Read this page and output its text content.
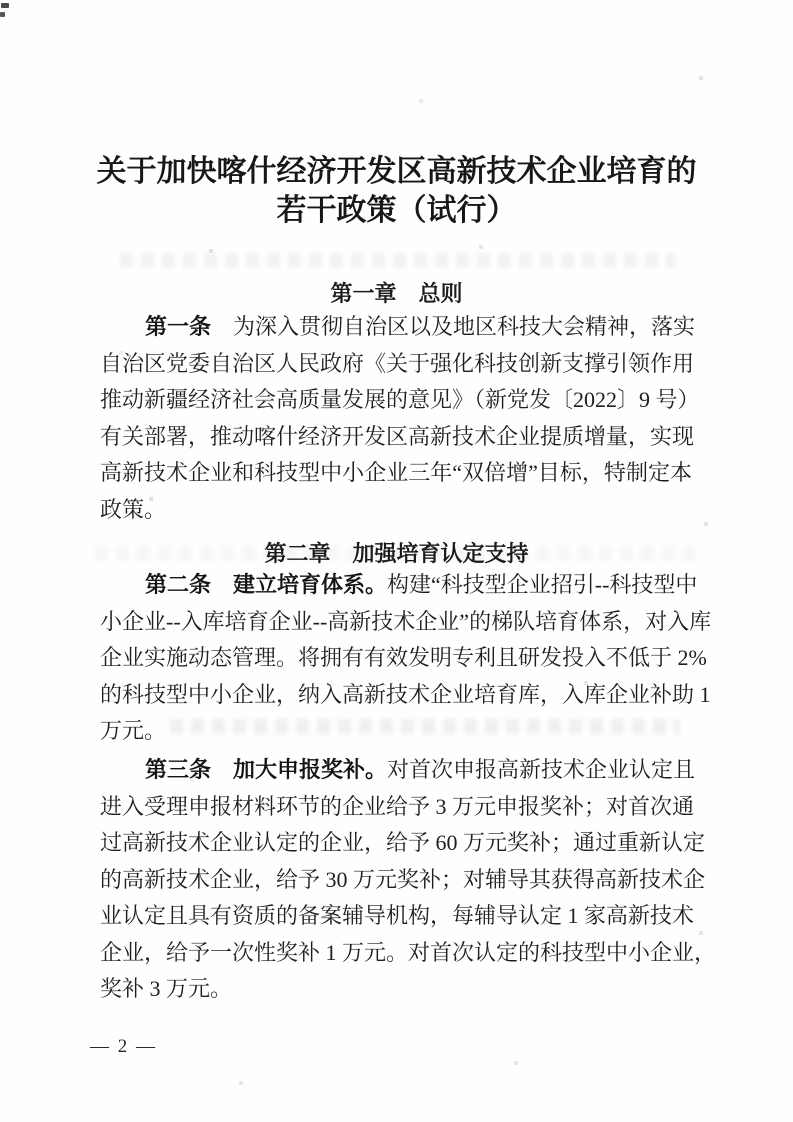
关于加快喀什经济开发区高新技术企业培育的
若干政策（试行）
第一章　总则
第一条　为深入贯彻自治区以及地区科技大会精神，落实
自治区党委自治区人民政府《关于强化科技创新支撑引领作用
推动新疆经济社会高质量发展的意见》（新党发〔2022〕9 号）
有关部署，推动喀什经济开发区高新技术企业提质增量，实现
高新技术企业和科技型中小企业三年“双倍增”目标，特制定本
政策。
第二章　加强培育认定支持
第二条　建立培育体系。构建“科技型企业招引--科技型中
小企业--入库培育企业--高新技术企业”的梯队培育体系，对入库
企业实施动态管理。将拥有有效发明专利且研发投入不低于 2%
的科技型中小企业，纳入高新技术企业培育库，入库企业补助 1
万元。
第三条　加大申报奖补。对首次申报高新技术企业认定且
进入受理申报材料环节的企业给予 3 万元申报奖补；对首次通
过高新技术企业认定的企业，给予 60 万元奖补；通过重新认定
的高新技术企业，给予 30 万元奖补；对辅导其获得高新技术企
业认定且具有资质的备案辅导机构，每辅导认定 1 家高新技术
企业，给予一次性奖补 1 万元。对首次认定的科技型中小企业，
奖补 3 万元。
— 2 —
